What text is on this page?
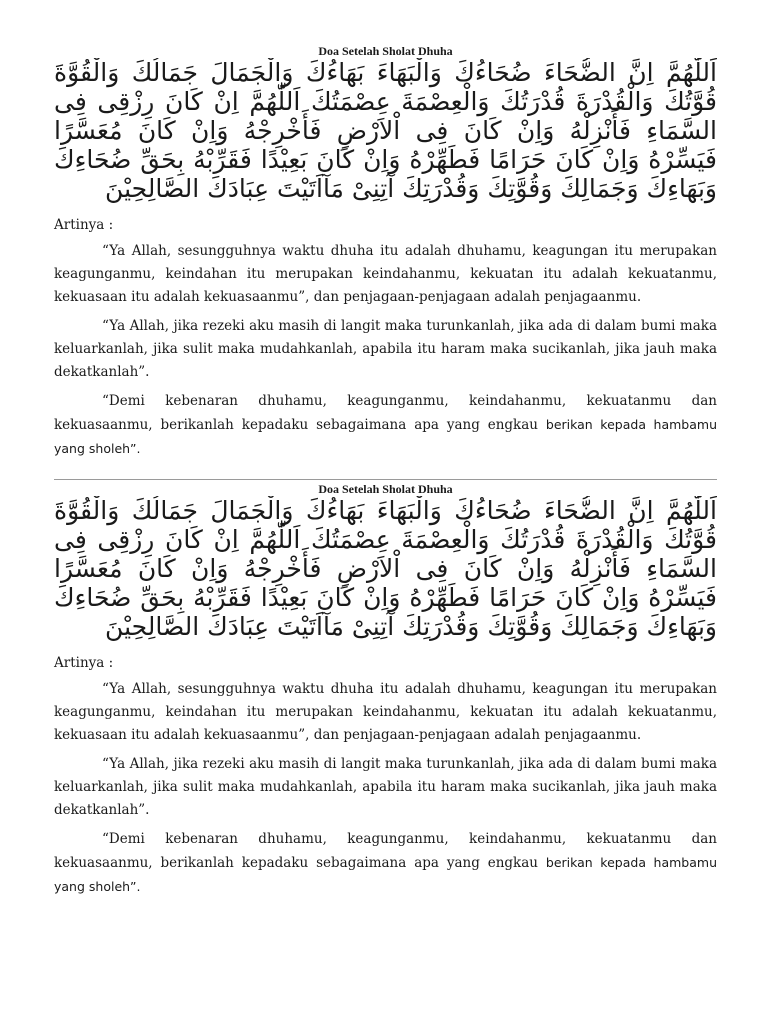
Doa Setelah Sholat Dhuha

اَللّٰهُمَّ اِنَّ الضُّحَاءَ ضُحَاءُكَ وَالْبَهَاءَ بَهَاءُكَ وَالْجَمَالَ جَمَالُكَ وَالْقُوَّةَ قُوَّتُكَ وَالْقُدْرَةَ قُدْرَتُكَ وَالْعِصْمَةَ عِصْمَتُكَ اَللّٰهُمَّ اِنْ كَانَ رِزْقِى فِى السَّمَاءِ فَأَنْزِلْهُ وَاِنْ كَانَ فِى اْلاَرْضِ فَأَخْرِجْهُ وَاِنْ كَانَ مُعَسَّرًا فَيَسِّرْهُ وَاِنْ كَانَ حَرَامًا فَطَهِّرْهُ وَاِنْ كَانَ بَعِيْدًا فَقَرِّبْهُ بِحَقِّ ضُحَاءِكَ وَبَهَاءِكَ وَجَمَالِكَ وَقُوَّتِكَ وَقُدْرَتِكَ آتِنِىْ مَآاَتَيْتَ عِبَادَكَ الصَّالِحِيْنَ

Artinya :

“Ya Allah, sesungguhnya waktu dhuha itu adalah dhuhamu, keagungan itu merupakan keagunganmu, keindahan itu merupakan keindahanmu, kekuatan itu adalah kekuatanmu, kekuasaan itu adalah kekuasaanmu”, dan penjagaan-penjagaan adalah penjagaanmu.

“Ya Allah, jika rezeki aku masih di langit maka turunkanlah, jika ada di dalam bumi maka keluarkanlah, jika sulit maka mudahkanlah, apabila itu haram maka sucikanlah, jika jauh maka dekatkanlah”.

“Demi kebenaran dhuhamu, keagunganmu, keindahanmu, kekuatanmu dan kekuasaanmu, berikanlah kepadaku sebagaimana apa yang engkau berikan kepada hambamu yang sholeh”.

Doa Setelah Sholat Dhuha

اَللّٰهُمَّ اِنَّ الضُّحَاءَ ضُحَاءُكَ وَالْبَهَاءَ بَهَاءُكَ وَالْجَمَالَ جَمَالُكَ وَالْقُوَّةَ قُوَّتُكَ وَالْقُدْرَةَ قُدْرَتُكَ وَالْعِصْمَةَ عِصْمَتُكَ اَللّٰهُمَّ اِنْ كَانَ رِزْقِى فِى السَّمَاءِ فَأَنْزِلْهُ وَاِنْ كَانَ فِى اْلاَرْضِ فَأَخْرِجْهُ وَاِنْ كَانَ مُعَسَّرًا فَيَسِّرْهُ وَاِنْ كَانَ حَرَامًا فَطَهِّرْهُ وَاِنْ كَانَ بَعِيْدًا فَقَرِّبْهُ بِحَقِّ ضُحَاءِكَ وَبَهَاءِكَ وَجَمَالِكَ وَقُوَّتِكَ وَقُدْرَتِكَ آتِنِىْ مَآاَتَيْتَ عِبَادَكَ الصَّالِحِيْنَ

Artinya :

“Ya Allah, sesungguhnya waktu dhuha itu adalah dhuhamu, keagungan itu merupakan keagunganmu, keindahan itu merupakan keindahanmu, kekuatan itu adalah kekuatanmu, kekuasaan itu adalah kekuasaanmu”, dan penjagaan-penjagaan adalah penjagaanmu.

“Ya Allah, jika rezeki aku masih di langit maka turunkanlah, jika ada di dalam bumi maka keluarkanlah, jika sulit maka mudahkanlah, apabila itu haram maka sucikanlah, jika jauh maka dekatkanlah”.

“Demi kebenaran dhuhamu, keagunganmu, keindahanmu, kekuatanmu dan kekuasaanmu, berikanlah kepadaku sebagaimana apa yang engkau berikan kepada hambamu yang sholeh”.
